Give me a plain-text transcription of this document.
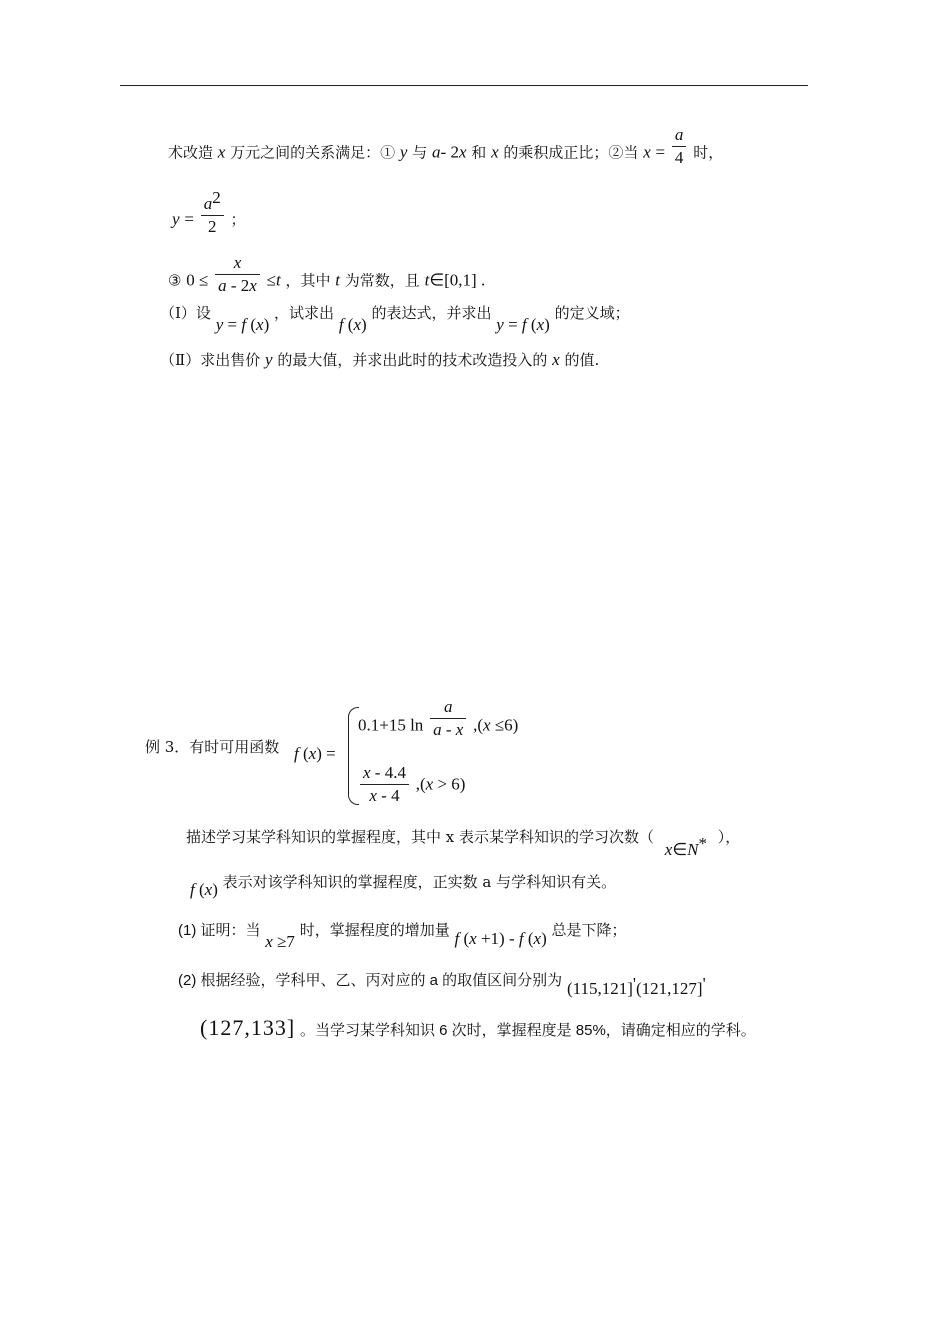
术改造 x 万元之间的关系满足：① y 与 a- 2x 和 x 的乘积成正比；②当 $x = \frac{a}{4}$ 时，
$y = \frac{a^2}{2}$ ；
③ $0 \le \frac{x}{a - 2x} \le t$ ，其中 t 为常数，且 t∈[0,1] .
（Ⅰ）设 y = f (x) ，试求出 f (x) 的表达式，并求出 y = f (x) 的定义域；
（Ⅱ）求出售价 y 的最大值，并求出此时的技术改造投入的 x 的值.
例 3．有时可用函数 f (x) =
0.1+15 $\ln \frac{a}{a - x} ,(x \le 6)$
$\frac{x - 4.4}{x - 4} ,(x > 6)$
描述学习某学科知识的掌握程度，其中 x 表示某学科知识的学习次数（ x∈N* ），
f (x) 表示对该学科知识的掌握程度，正实数 a 与学科知识有关。
(1) 证明：当 x ≥7 时，掌握程度的增加量 f (x +1) - f (x) 总是下降；
(2) 根据经验，学科甲、乙、丙对应的 a 的取值区间分别为 (115,121]'(121,127]'
(127,133] 。当学习某学科知识 6 次时，掌握程度是 85%，请确定相应的学科。
